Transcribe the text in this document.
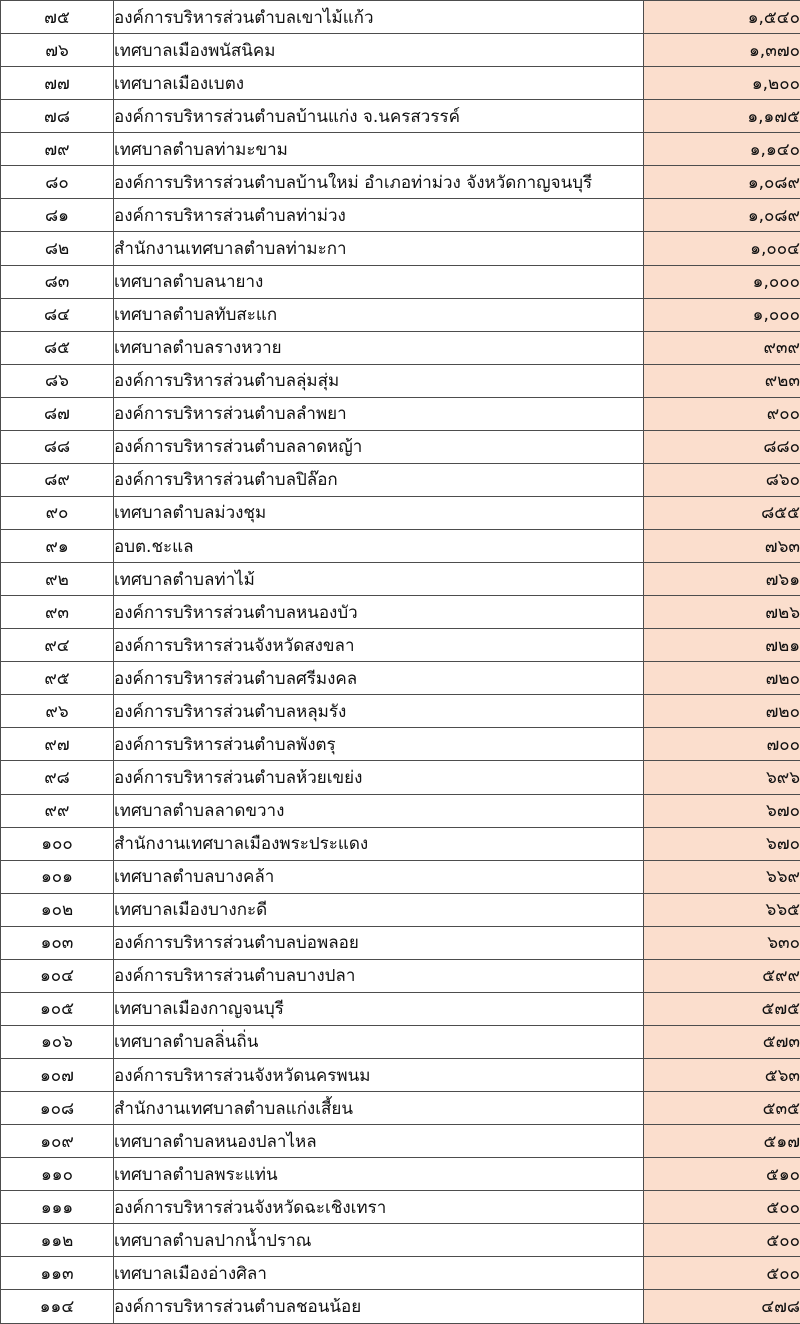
๗๕	องค์การบริหารส่วนตำบลเขาไม้แก้ว	๑,๕๔๐
๗๖	เทศบาลเมืองพนัสนิคม	๑,๓๗๐
๗๗	เทศบาลเมืองเบตง	๑,๒๐๐
๗๘	องค์การบริหารส่วนตำบลบ้านแก่ง จ.นครสวรรค์	๑,๑๗๕
๗๙	เทศบาลตำบลท่ามะขาม	๑,๑๔๐
๘๐	องค์การบริหารส่วนตำบลบ้านใหม่ อำเภอท่าม่วง จังหวัดกาญจนบุรี	๑,๐๘๙
๘๑	องค์การบริหารส่วนตำบลท่าม่วง	๑,๐๘๙
๘๒	สำนักงานเทศบาลตำบลท่ามะกา	๑,๐๐๔
๘๓	เทศบาลตำบลนายาง	๑,๐๐๐
๘๔	เทศบาลตำบลทับสะแก	๑,๐๐๐
๘๕	เทศบาลตำบลรางหวาย	๙๓๙
๘๖	องค์การบริหารส่วนตำบลลุ่มสุ่ม	๙๒๓
๘๗	องค์การบริหารส่วนตำบลลำพยา	๙๐๐
๘๘	องค์การบริหารส่วนตำบลลาดหญ้า	๘๘๐
๘๙	องค์การบริหารส่วนตำบลปิล๊อก	๘๖๐
๙๐	เทศบาลตำบลม่วงชุม	๘๕๕
๙๑	อบต.ชะแล	๗๖๓
๙๒	เทศบาลตำบลท่าไม้	๗๖๑
๙๓	องค์การบริหารส่วนตำบลหนองบัว	๗๒๖
๙๔	องค์การบริหารส่วนจังหวัดสงขลา	๗๒๑
๙๕	องค์การบริหารส่วนตำบลศรีมงคล	๗๒๐
๙๖	องค์การบริหารส่วนตำบลหลุมรัง	๗๒๐
๙๗	องค์การบริหารส่วนตำบลพังตรุ	๗๐๐
๙๘	องค์การบริหารส่วนตำบลห้วยเขย่ง	๖๙๖
๙๙	เทศบาลตำบลลาดขวาง	๖๗๐
๑๐๐	สำนักงานเทศบาลเมืองพระประแดง	๖๗๐
๑๐๑	เทศบาลตำบลบางคล้า	๖๖๙
๑๐๒	เทศบาลเมืองบางกะดี	๖๖๕
๑๐๓	องค์การบริหารส่วนตำบลบ่อพลอย	๖๓๐
๑๐๔	องค์การบริหารส่วนตำบลบางปลา	๕๙๙
๑๐๕	เทศบาลเมืองกาญจนบุรี	๕๗๕
๑๐๖	เทศบาลตำบลลิ่นถิ่น	๕๗๓
๑๐๗	องค์การบริหารส่วนจังหวัดนครพนม	๕๖๓
๑๐๘	สำนักงานเทศบาลตำบลแก่งเสี้ยน	๕๓๕
๑๐๙	เทศบาลตำบลหนองปลาไหล	๕๑๗
๑๑๐	เทศบาลตำบลพระแท่น	๕๑๐
๑๑๑	องค์การบริหารส่วนจังหวัดฉะเชิงเทรา	๕๐๐
๑๑๒	เทศบาลตำบลปากน้ำปราณ	๕๐๐
๑๑๓	เทศบาลเมืองอ่างศิลา	๕๐๐
๑๑๔	องค์การบริหารส่วนตำบลชอนน้อย	๔๗๘
